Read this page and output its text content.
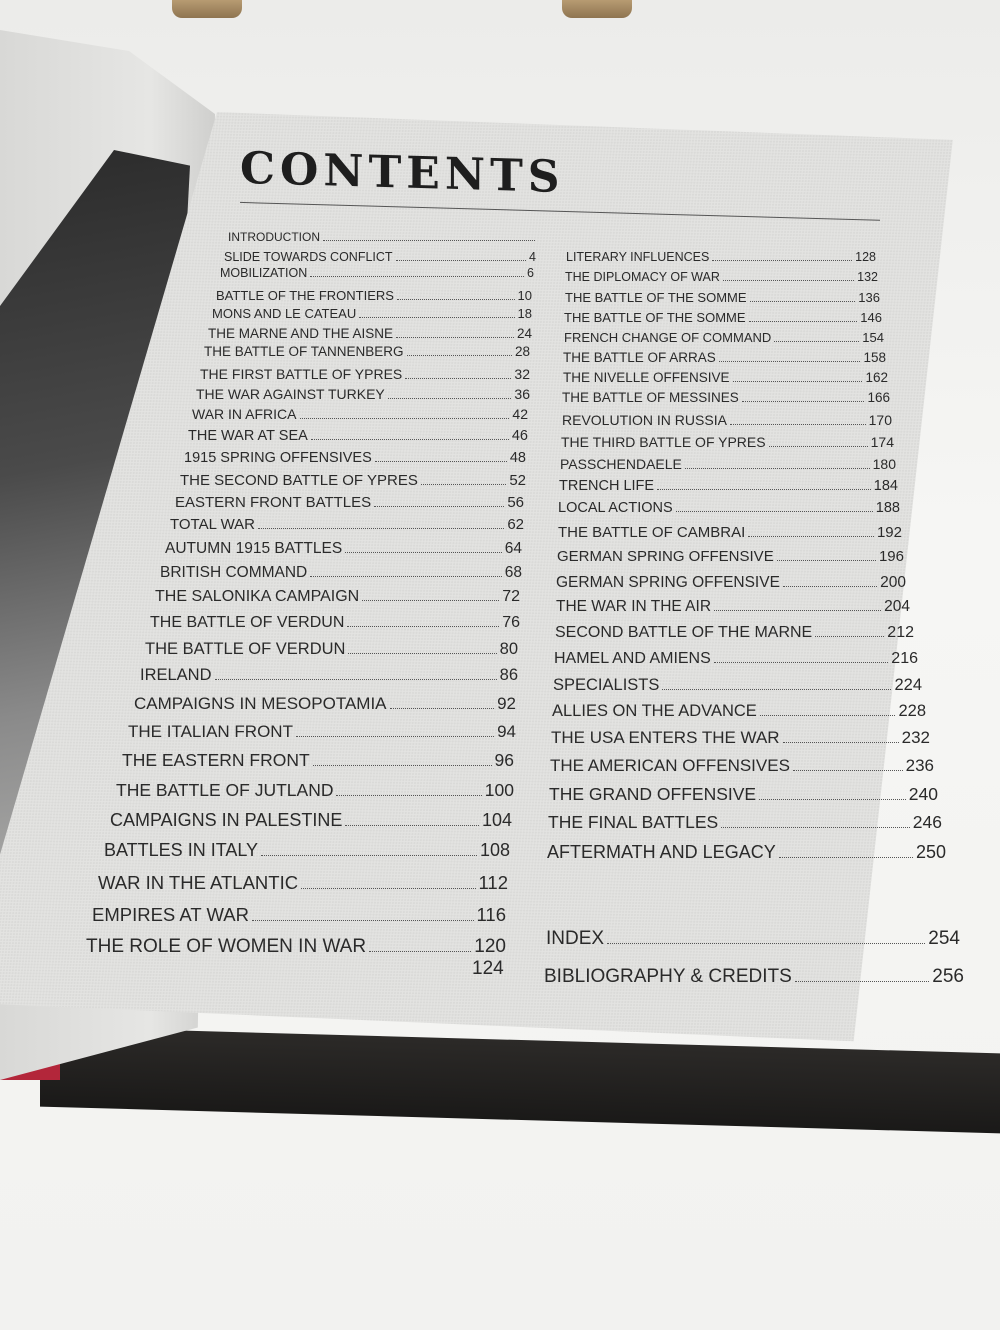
CONTENTS
INTRODUCTION
SLIDE TOWARDS CONFLICT	4
MOBILIZATION	6
BATTLE OF THE FRONTIERS	10
MONS AND LE CATEAU	18
THE MARNE AND THE AISNE	24
THE BATTLE OF TANNENBERG	28
THE FIRST BATTLE OF YPRES	32
THE WAR AGAINST TURKEY	36
WAR IN AFRICA	42
THE WAR AT SEA	46
1915 SPRING OFFENSIVES	48
THE SECOND BATTLE OF YPRES	52
EASTERN FRONT BATTLES	56
TOTAL WAR	62
AUTUMN 1915 BATTLES	64
BRITISH COMMAND	68
THE SALONIKA CAMPAIGN	72
THE BATTLE OF VERDUN	76
THE BATTLE OF VERDUN	80
IRELAND	86
CAMPAIGNS IN MESOPOTAMIA	92
THE ITALIAN FRONT	94
THE EASTERN FRONT	96
THE BATTLE OF JUTLAND	100
CAMPAIGNS IN PALESTINE	104
BATTLES IN ITALY	108
WAR IN THE ATLANTIC	112
EMPIRES AT WAR	116
THE ROLE OF WOMEN IN WAR	120
124
LITERARY INFLUENCES	128
THE DIPLOMACY OF WAR	132
THE BATTLE OF THE SOMME	136
THE BATTLE OF THE SOMME	146
FRENCH CHANGE OF COMMAND	154
THE BATTLE OF ARRAS	158
THE NIVELLE OFFENSIVE	162
THE BATTLE OF MESSINES	166
REVOLUTION IN RUSSIA	170
THE THIRD BATTLE OF YPRES	174
PASSCHENDAELE	180
TRENCH LIFE	184
LOCAL ACTIONS	188
THE BATTLE OF CAMBRAI	192
GERMAN SPRING OFFENSIVE	196
GERMAN SPRING OFFENSIVE	200
THE WAR IN THE AIR	204
SECOND BATTLE OF THE MARNE	212
HAMEL AND AMIENS	216
SPECIALISTS	224
ALLIES ON THE ADVANCE	228
THE USA ENTERS THE WAR	232
THE AMERICAN OFFENSIVES	236
THE GRAND OFFENSIVE	240
THE FINAL BATTLES	246
AFTERMATH AND LEGACY	250
INDEX	254
BIBLIOGRAPHY & CREDITS	256
